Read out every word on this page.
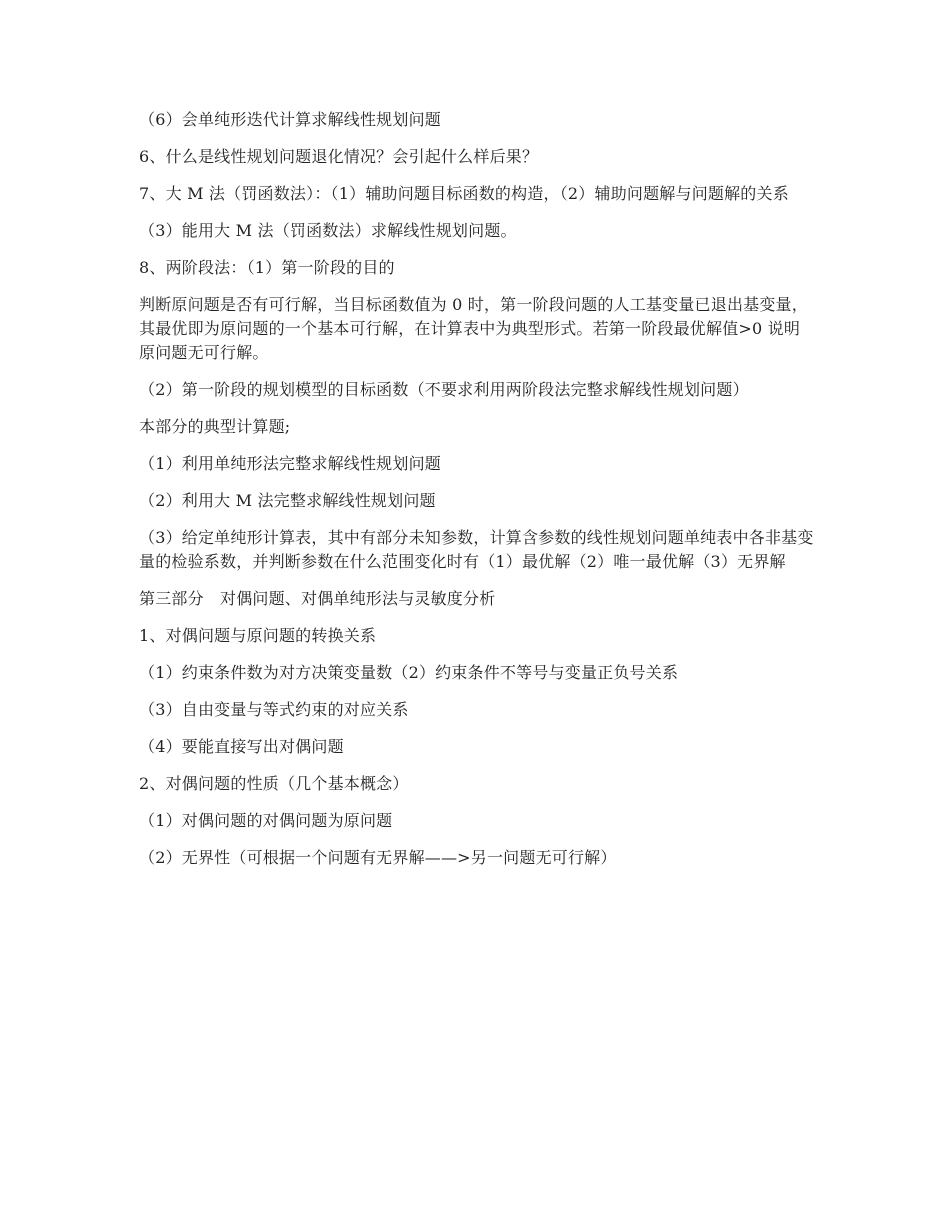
（6）会单纯形迭代计算求解线性规划问题

6、什么是线性规划问题退化情况？会引起什么样后果？

7、大 M 法（罚函数法）：（1）辅助问题目标函数的构造，（2）辅助问题解与问题解的关系

（3）能用大 M 法（罚函数法）求解线性规划问题。

8、两阶段法：（1）第一阶段的目的

判断原问题是否有可行解，当目标函数值为 0 时，第一阶段问题的人工基变量已退出基变量，其最优即为原问题的一个基本可行解，在计算表中为典型形式。若第一阶段最优解值>0 说明原问题无可行解。

（2）第一阶段的规划模型的目标函数（不要求利用两阶段法完整求解线性规划问题）

本部分的典型计算题;

（1）利用单纯形法完整求解线性规划问题

（2）利用大 M 法完整求解线性规划问题

（3）给定单纯形计算表，其中有部分未知参数，计算含参数的线性规划问题单纯表中各非基变量的检验系数，并判断参数在什么范围变化时有（1）最优解（2）唯一最优解（3）无界解

第三部分　对偶问题、对偶单纯形法与灵敏度分析

1、对偶问题与原问题的转换关系

（1）约束条件数为对方决策变量数（2）约束条件不等号与变量正负号关系

（3）自由变量与等式约束的对应关系

（4）要能直接写出对偶问题

2、对偶问题的性质（几个基本概念）

（1）对偶问题的对偶问题为原问题

（2）无界性（可根据一个问题有无界解——>另一问题无可行解）
